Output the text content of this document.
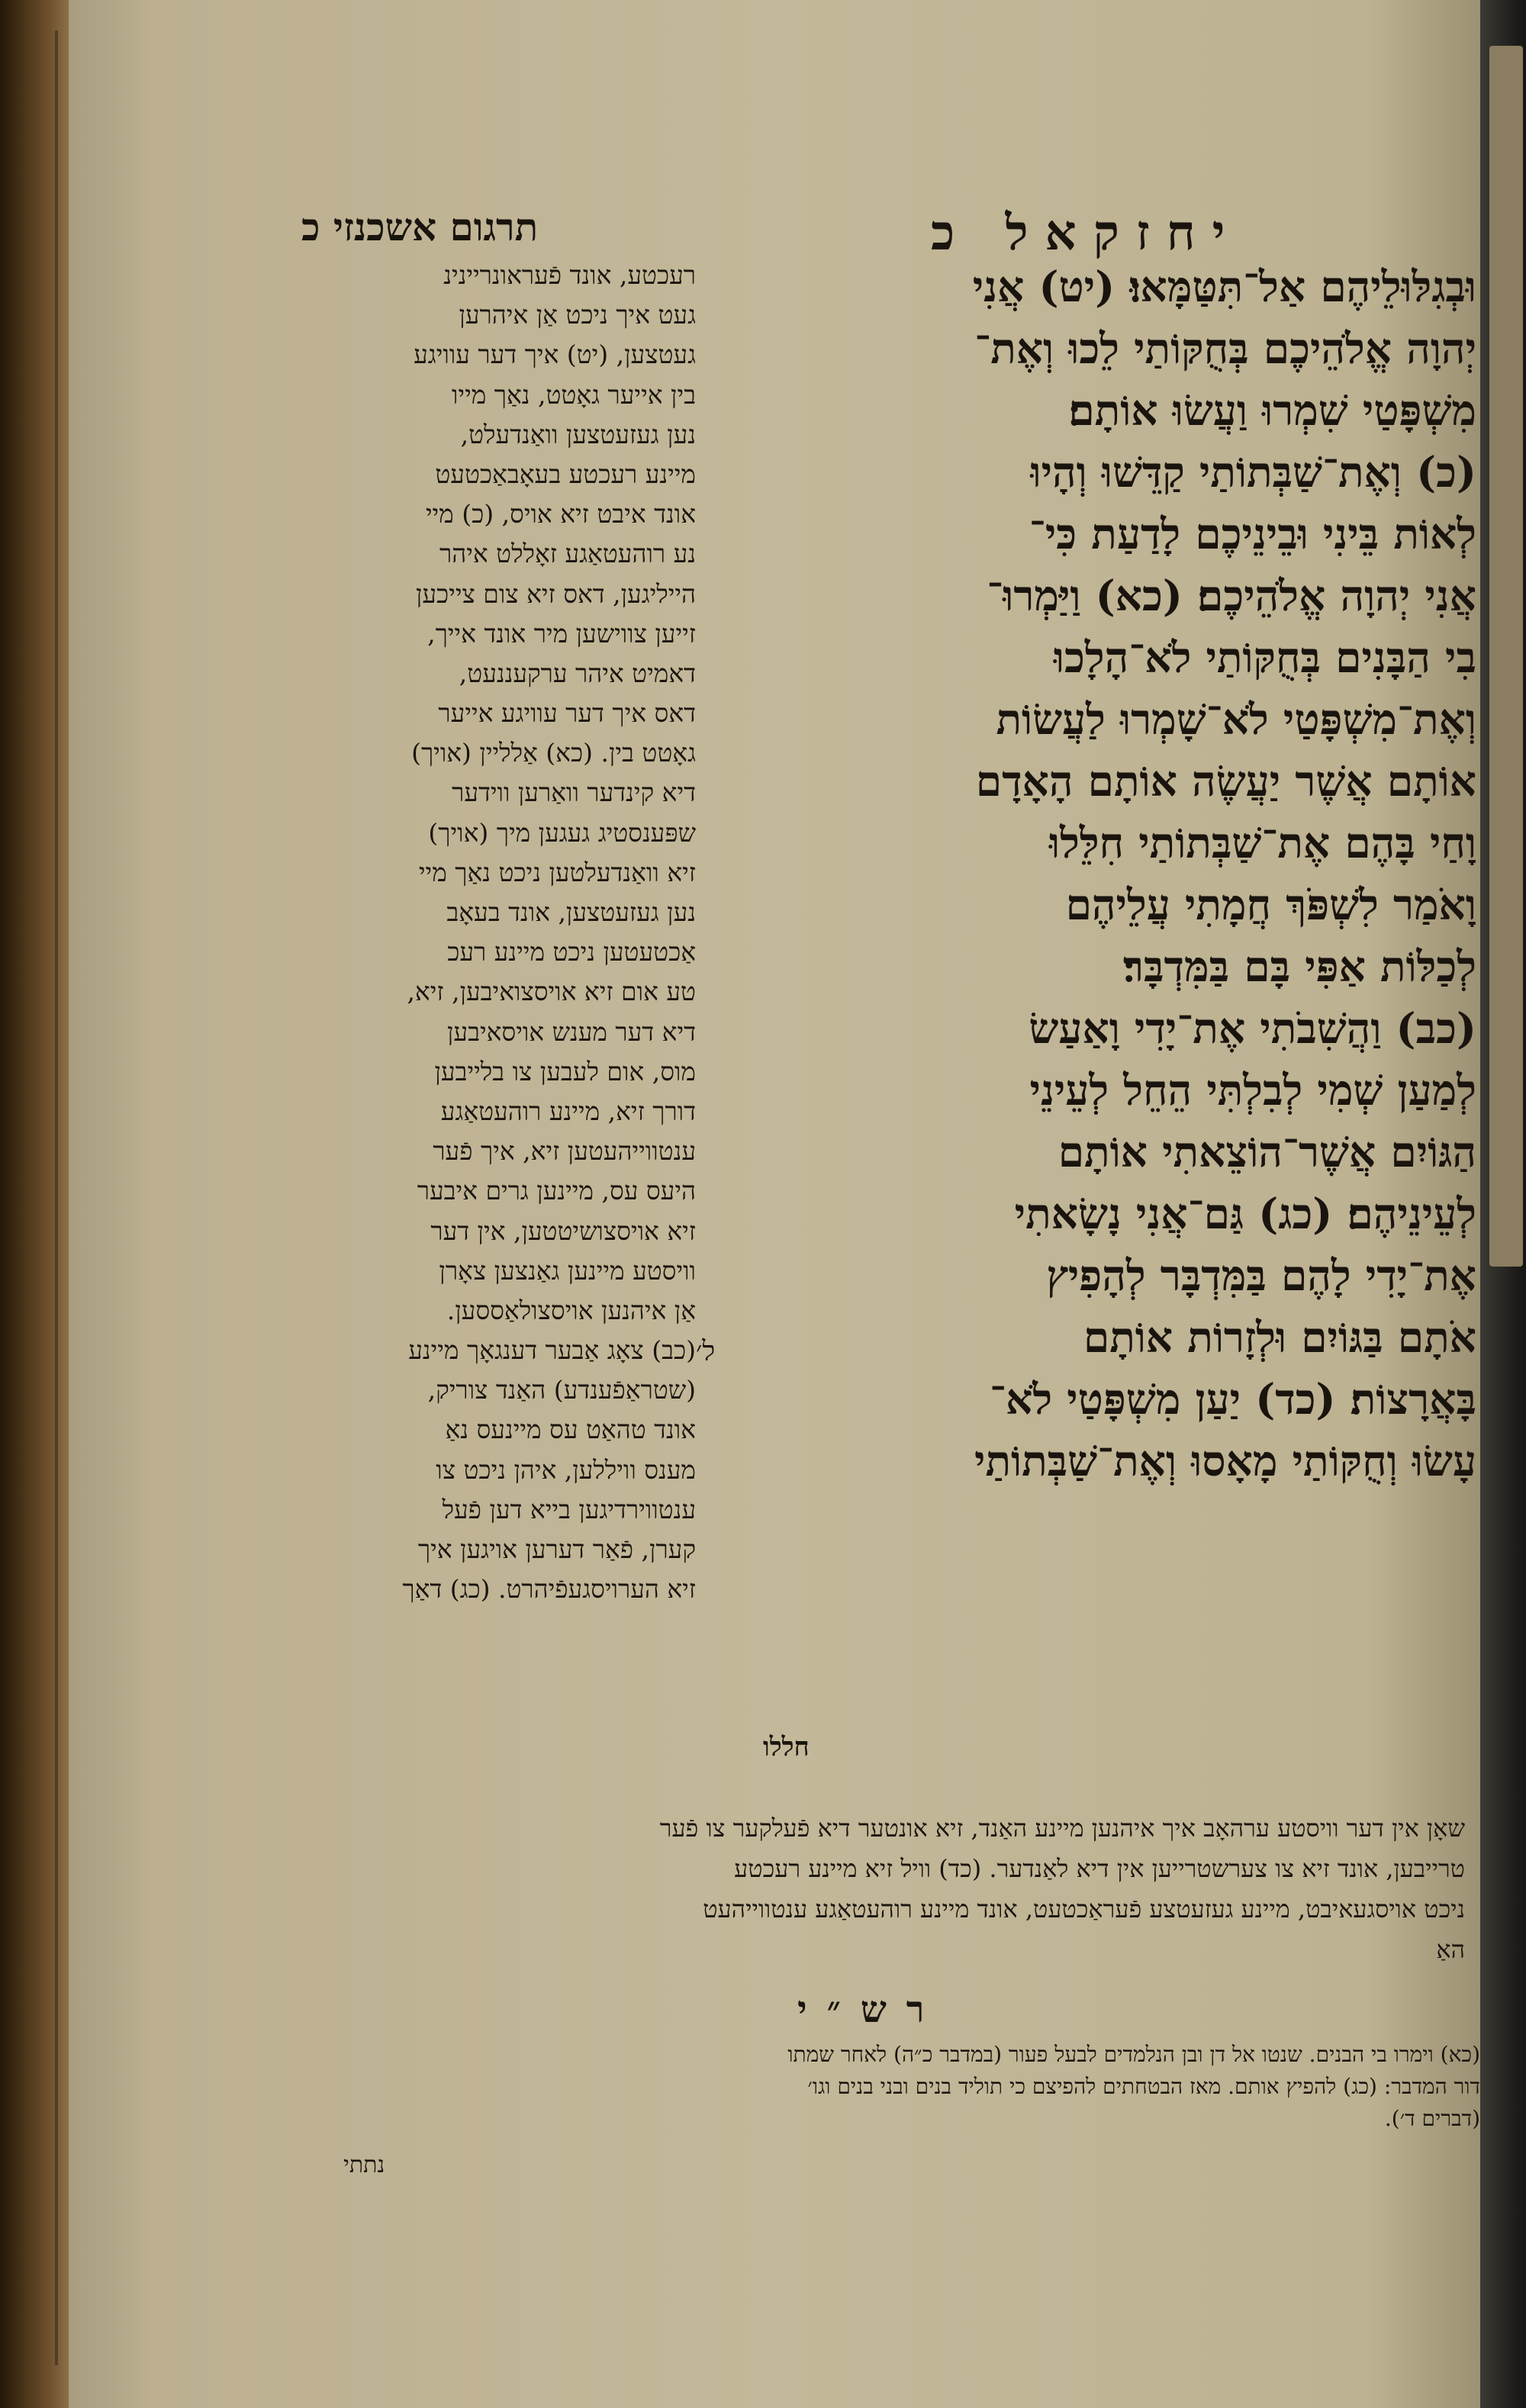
תרגום אשכנזי כ	יחזקאל כ
רעכטע, אונד פֿעראונריינינ
געט איך ניכט אַן איהרען
געטצען, (יט) איך דער עוויגע
בין אייער גאָטט, נאַך מייו
נען געזעטצען וואַנדעלט,
מיינע רעכטע בעאָבאַכטעט
אונד איבט זיא אויס, (כ) מיי
נע רוהעטאַגע זאָללט איהר
הייליגען, דאס זיא צום צייכען
זייען צווישען מיר אונד אייך,
דאמיט איהר ערקעננעט,
דאס איך דער עוויגע אייער
גאָטט בין. (כא) אַלליין (אויך)
דיא קינדער וואַרען ווידער
שפּענסטיג געגען מיך (אויך)
זיא וואַנדעלטען ניכט נאַך מיי
נען געזעטצען, אונד בעאָב
אַכטעטען ניכט מיינע רעכ
טע אום זיא אויסצואיבען, זיא,
דיא דער מענש אויסאיבען
מוס, אום לעבען צו בלייבען
דורך זיא, מיינע רוהעטאַגע
ענטווייהעטען זיא, איך פֿער
היעס עס, מיינען גרים איבער
זיא אויסצושיטטען, אין דער
וויסטע מיינען גאַנצען צאָרן
אַן איהנען אויסצולאַססען.
(כב) צאָג אַבער דענגאָך מיינע
(שטראַפֿענדע) האַנד צוריק,
אונד טהאַט עס מיינעס נאַ
מענס וויללען, איהן ניכט צו
ענטווירדיגען בייא דען פֿעל
קערן, פֿאַר דערען אויגען איך
זיא הערויסגעפֿיהרט. (כג) דאַך
ל׳
וּבְגִלּוּלֵיהֶם אַל־תִּטַּמָּאוּ׃ (יט) אֲנִי
יְהוָה אֱלֹהֵיכֶם בְּחֻקּוֹתַי לֵכוּ וְאֶת־
מִשְׁפָּטַי שִׁמְרוּ וַעֲשׂוּ אוֹתָם׃
(כ) וְאֶת־שַׁבְּתוֹתַי קַדֵּשׁוּ וְהָיוּ
לְאוֹת בֵּינִי וּבֵינֵיכֶם לָדַעַת כִּי־
אֲנִי יְהוָה אֱלֹהֵיכֶם׃ (כא) וַיַּמְרוּ־
בִי הַבָּנִים בְּחֻקּוֹתַי לֹא־הָלָכוּ
וְאֶת־מִשְׁפָּטַי לֹא־שָׁמְרוּ לַעֲשׂוֹת
אוֹתָם אֲשֶׁר יַעֲשֶׂה אוֹתָם הָאָדָם
וָחַי בָּהֶם אֶת־שַׁבְּתוֹתַי חִלֵּלוּ
וָאֹמַר לִשְׁפֹּךְ חֲמָתִי עֲלֵיהֶם
לְכַלּוֹת אַפִּי בָּם בַּמִּדְבָּר׃
(כב) וַהֲשִׁבֹתִי אֶת־יָדִי וָאַעַשׂ
לְמַעַן שְׁמִי לְבִלְתִּי הֵחֵל לְעֵינֵי
הַגּוֹיִם אֲשֶׁר־הוֹצֵאתִי אוֹתָם
לְעֵינֵיהֶם׃ (כג) גַּם־אֲנִי נָשָׂאתִי
אֶת־יָדִי לָהֶם בַּמִּדְבָּר לְהָפִיץ
אֹתָם בַּגּוֹיִם וּלְזָרוֹת אוֹתָם
בָּאֲרָצוֹת׃ (כד) יַעַן מִשְׁפָּטַי לֹא־
עָשׂוּ וְחֻקּוֹתַי מָאָסוּ וְאֶת־שַׁבְּתוֹתַי
חללו
שאָן אין דער וויסטע ערהאָב איך איהנען מיינע האַנד, זיא אונטער דיא פֿעלקער צו פֿער
טרייבען, אונד זיא צו צערשטרייען אין דיא לאַנדער. (כד) וויל זיא מיינע רעכטע
ניכט אויסגעאיבט, מיינע געזעטצע פֿעראַכטעט, אונד מיינע רוהעטאַגע ענטווייהעט
האַ
רש״י
(כא) וימרו בי הבנים. שנטו אל דן ובן הנלמדים לבעל פעור (במדבר כ״ה) לאחר שמתו
דור המדבר: (כג) להפיץ אותם. מאז הבטחתים להפיצם כי תוליד בנים ובני בנים וגו׳
(דברים ד׳).
נתתי
